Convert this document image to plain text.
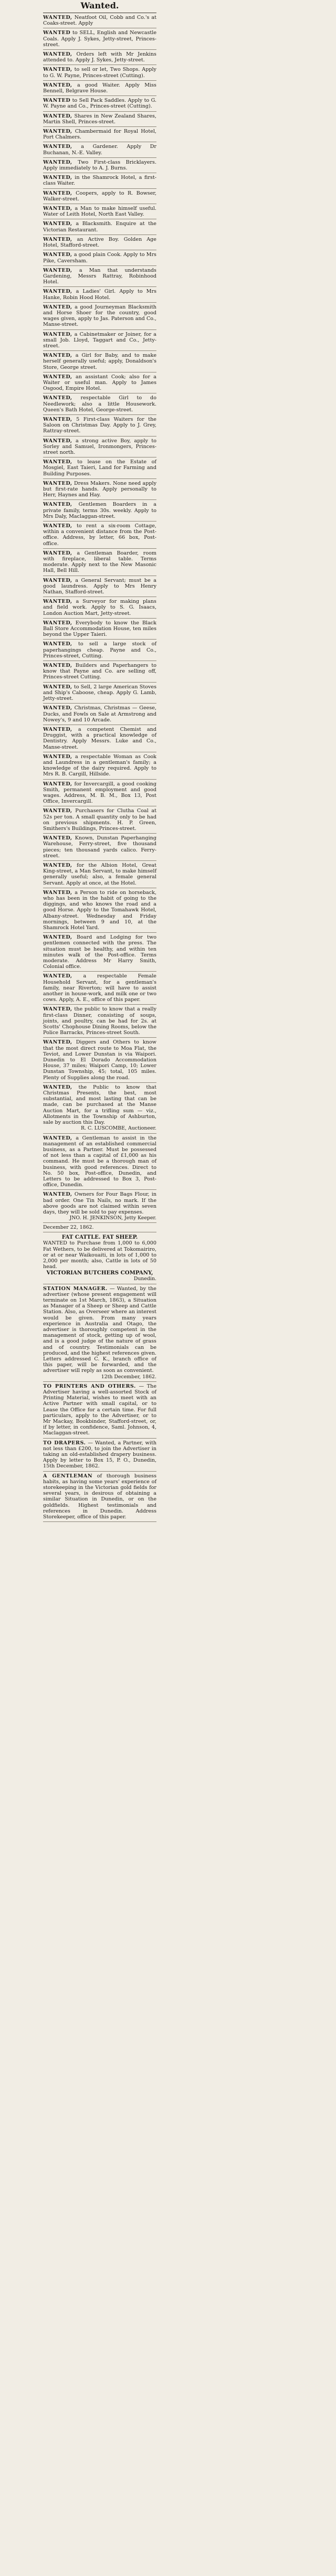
Wanted.
WANTED, Neatfoot Oil, Cobb and Co.'s at Coaks-street. Apply
WANTED to SELL, English and Newcastle Coals. Apply J. Sykes, Jetty-street, Princes-street.
WANTED, Orders left with Mr Jenkins attended to. Apply J. Sykes, Jetty-street.
WANTED, to sell or let, Two Shops. Apply to G. W. Payne, Princes-street (Cutting).
WANTED, a good Waiter. Apply Miss Bennell, Belgrave House.
WANTED to Sell Pack Saddles. Apply to G. W. Payne and Co., Princes-street (Cutting).
WANTED, Shares in New Zealand Shares, Martin Shell, Princes-street.
WANTED, Chambermaid for Royal Hotel, Port Chalmers.
WANTED, a Gardener. Apply Dr Buchanan, N.-E. Valley.
WANTED, Two First-class Bricklayers. Apply immediately to A. J. Burns.
WANTED, in the Shamrock Hotel, a first-class Waiter.
WANTED, Coopers, apply to R. Bowser, Walker-street.
WANTED, a Man to make himself useful. Water of Leith Hotel, North East Valley.
WANTED, a Blacksmith. Enquire at the Victorian Restaurant.
WANTED, an Active Boy. Golden Age Hotel, Stafford-street.
WANTED, a good plain Cook. Apply to Mrs Pike, Caversham.
WANTED, a Man that understands Gardening, Messrs Rattray, Robinhood Hotel.
WANTED, a Ladies' Girl. Apply to Mrs Hanke, Robin Hood Hotel.
WANTED, a good Journeyman Blacksmith and Horse Shoer for the country, good wages given, apply to Jas. Paterson and Co., Manse-street.
WANTED, a Cabinetmaker or Joiner, for a small Job. Lloyd, Taggart and Co., Jetty-street.
WANTED, a Girl for Baby, and to make herself generally useful; apply, Donaldson's Store, George street.
WANTED, an assistant Cook; also for a Waiter or useful man. Apply to James Osgood, Empire Hotel.
WANTED, respectable Girl to do Needlework; also a little Housework. Queen's Bath Hotel, George-street.
WANTED, 5 First-class Waiters for the Saloon on Christmas Day. Apply to J. Grey, Rattray-street.
WANTED, a strong active Boy, apply to Sorley and Samuel, Ironmongers, Princes-street north.
WANTED, to lease on the Estate of Mosgiel, East Taieri, Land for Farming and Building Purposes.
WANTED, Dress Makers. None need apply but first-rate hands. Apply personally to Herr, Haynes and Hay.
WANTED, Gentlemen Boarders in a private family, terms 30s. weekly. Apply to Mrs Daly, Maclaggan-street.
WANTED, to rent a six-room Cottage, within a convenient distance from the Post-office. Address, by letter, 66 box, Post-office.
WANTED, a Gentleman Boarder, room with fireplace, liberal table. Terms moderate. Apply next to the New Masonic Hall, Bell Hill.
WANTED, a General Servant; must be a good laundress. Apply to Mrs Henry Nathan, Stafford-street.
WANTED, a Surveyor for making plans and field work. Apply to S. G. Isaacs, London Auction Mart, Jetty-street.
WANTED, Everybody to know the Black Ball Store Accommodation House, ten miles beyond the Upper Taieri.
WANTED, to sell a large stock of paperhangings cheap. Payne and Co., Princes-street, Cutting.
WANTED, Builders and Paperhangers to know that Payne and Co. are selling off, Princes-street Cutting.
WANTED, to Sell, 2 large American Stoves and Ship's Caboose, cheap. Apply G. Lamb, Jetty-street.
WANTED, Christmas, Christmas — Geese, Ducks, and Fowls on Sale at Armstrong and Nowey's, 9 and 10 Arcade.
WANTED, a competent Chemist and Druggist, with a practical knowledge of Dentistry. Apply Messrs. Luke and Co., Manse-street.
WANTED, a respectable Woman as Cook and Laundress in a gentleman's family; a knowledge of the dairy required. Apply to Mrs R. B. Cargill, Hillside.
WANTED, for Invercargill, a good cooking Smith, permanent employment and good wages. Address, M. B. M., Box 13, Post Office, Invercargill.
WANTED, Purchasers for Clutha Coal at 52s per ton. A small quantity only to be had on previous shipments. H. P. Green, Smithers's Buildings, Princes-street.
WANTED, Known, Dunstan Paperhanging Warehouse, Ferry-street, five thousand pieces; ten thousand yards calico. Ferry-street.
WANTED, for the Albion Hotel, Great King-street, a Man Servant, to make himself generally useful; also, a female general Servant. Apply at once, at the Hotel.
WANTED, a Person to ride on horseback, who has been in the habit of going to the diggings, and who knows the road and a good Horse. Apply to the Tomahawk Hotel, Albany-street. Wednesday and Friday mornings, between 9 and 10, at the Shamrock Hotel Yard.
WANTED, Board and Lodging for two gentlemen connected with the press. The situation must be healthy, and within ten minutes walk of the Post-office. Terms moderate. Address Mr Harry Smith, Colonial office.
WANTED, a respectable Female Household Servant, for a gentleman's family, near Riverton; will have to assist another in house-work, and milk one or two cows. Apply, A. E., office of this paper.
WANTED, the public to know that a really first-class Dinner, consisting of soups, joints, and poultry, can be had for 2s. at Scotts' Chophouse Dining Rooms, below the Police Barracks, Princes-street South.
WANTED, Diggers and Others to know that the most direct route to Moa Flat, the Teviot, and Lower Dunstan is via Waipori. Dunedin to El Dorado Accommodation House, 37 miles; Waipori Camp, 10; Lower Dunstan Township, 45; total, 105 miles. Plenty of Supplies along the road.
WANTED, the Public to know that Christmas Presents, the best, most substantial, and most lasting that can be made, can be purchased at the Manse Auction Mart, for a trifling sum — viz., Allotments in the Township of Ashburton, sale by auction this Day.
R. C. LUSCOMBE, Auctioneer.
WANTED, a Gentleman to assist in the management of an established commercial business, as a Partner. Must be possessed of not less than a capital of £1,000 as his command. He must be a thorough man of business, with good references. Direct to No. 50 box, Post-office, Dunedin, and Letters to be addressed to Box 3, Post-office, Dunedin.
WANTED, Owners for Four Bags Flour, in bad order. One Tin Nails, no mark. If the above goods are not claimed within seven days, they will be sold to pay expenses.
JNO. H. JENKINSON, Jetty Keeper.
December 22, 1862.
FAT CATTLE. FAT SHEEP.
WANTED to Purchase from 1,000 to 6,000 Fat Wethers, to be delivered at Tokomairiro, or at or near Waikouaiti, in lots of 1,000 to 2,000 per month; also, Cattle in lots of 50 head.
VICTORIAN BUTCHERS COMPANY,
Dunedin.
STATION MANAGER. — Wanted, by the advertiser (whose present engagement will terminate on 1st March, 1863), a Situation as Manager of a Sheep or Sheep and Cattle Station. Also, as Overseer where an interest would be given. From many years experience in Australia and Otago, the advertiser is thoroughly competent in the management of stock, getting up of wool, and is a good judge of the nature of grass and of country. Testimonials can be produced, and the highest references given. Letters addressed C. K., branch office of this paper, will be forwarded, and the advertiser will reply as soon as convenient.
12th December, 1862.
TO PRINTERS AND OTHERS. — The Advertiser having a well-assorted Stock of Printing Material, wishes to meet with an Active Partner with small capital, or to Lease the Office for a certain time. For full particulars, apply to the Advertiser, or to Mr Mackay, Bookbinder, Stafford-street, or, if by letter, in confidence, Saml. Johnson, 4, Maclaggan-street.
TO DRAPERS. — Wanted, a Partner, with not less than £200, to join the Advertiser in taking an old-established drapery business. Apply by letter to Box 15, P. O., Dunedin, 15th December, 1862.
A GENTLEMAN of thorough business habits, as having some years' experience of storekeeping in the Victorian gold fields for several years, is desirous of obtaining a similar Situation in Dunedin, or on the goldfields. Highest testimonials and references in Dunedin. Address Storekeeper, office of this paper.
